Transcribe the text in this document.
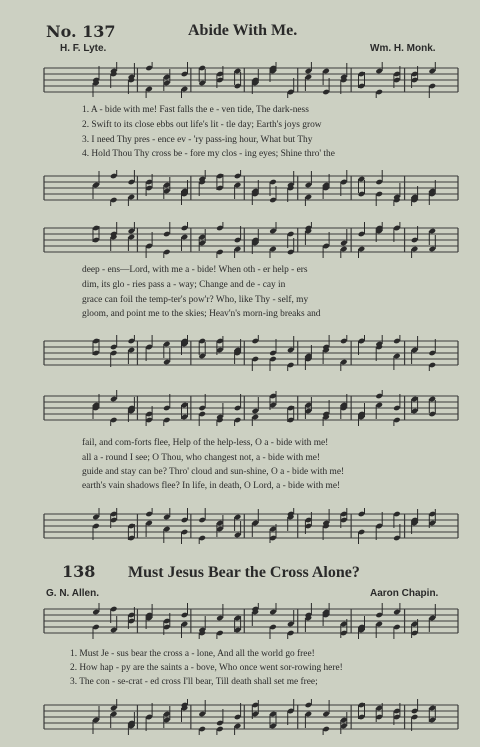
No. 137	Abide With Me.
H. F. Lyte.	Wm. H. Monk.
1. A - bide with me! Fast falls the e - ven tide, The dark-ness
2. Swift to its close ebbs out life's lit - tle day; Earth's joys grow
3. I need Thy pres - ence ev - 'ry pass-ing hour, What but Thy
4. Hold Thou Thy cross be - fore my clos - ing eyes; Shine thro' the
deep - ens—Lord, with me a - bide! When oth - er help - ers
dim, its glo - ries pass a - way; Change and de - cay in
grace can foil the temp-ter's pow'r? Who, like Thy - self, my
gloom, and point me to the skies; Heav'n's morn-ing breaks and
fail, and com-forts flee, Help of the help-less, O a - bide with me!
all a - round I see; O Thou, who changest not, a - bide with me!
guide and stay can be? Thro' cloud and sun-shine, O a - bide with me!
earth's vain shadows flee? In life, in death, O Lord, a - bide with me!
138 Must Jesus Bear the Cross Alone?
G. N. Allen.	Aaron Chapin.
1. Must Je - sus bear the cross a - lone, And all the world go free!
2. How hap - py are the saints a - bove, Who once went sor-rowing here!
3. The con - se-crat - ed cross I'll bear, Till death shall set me free;
